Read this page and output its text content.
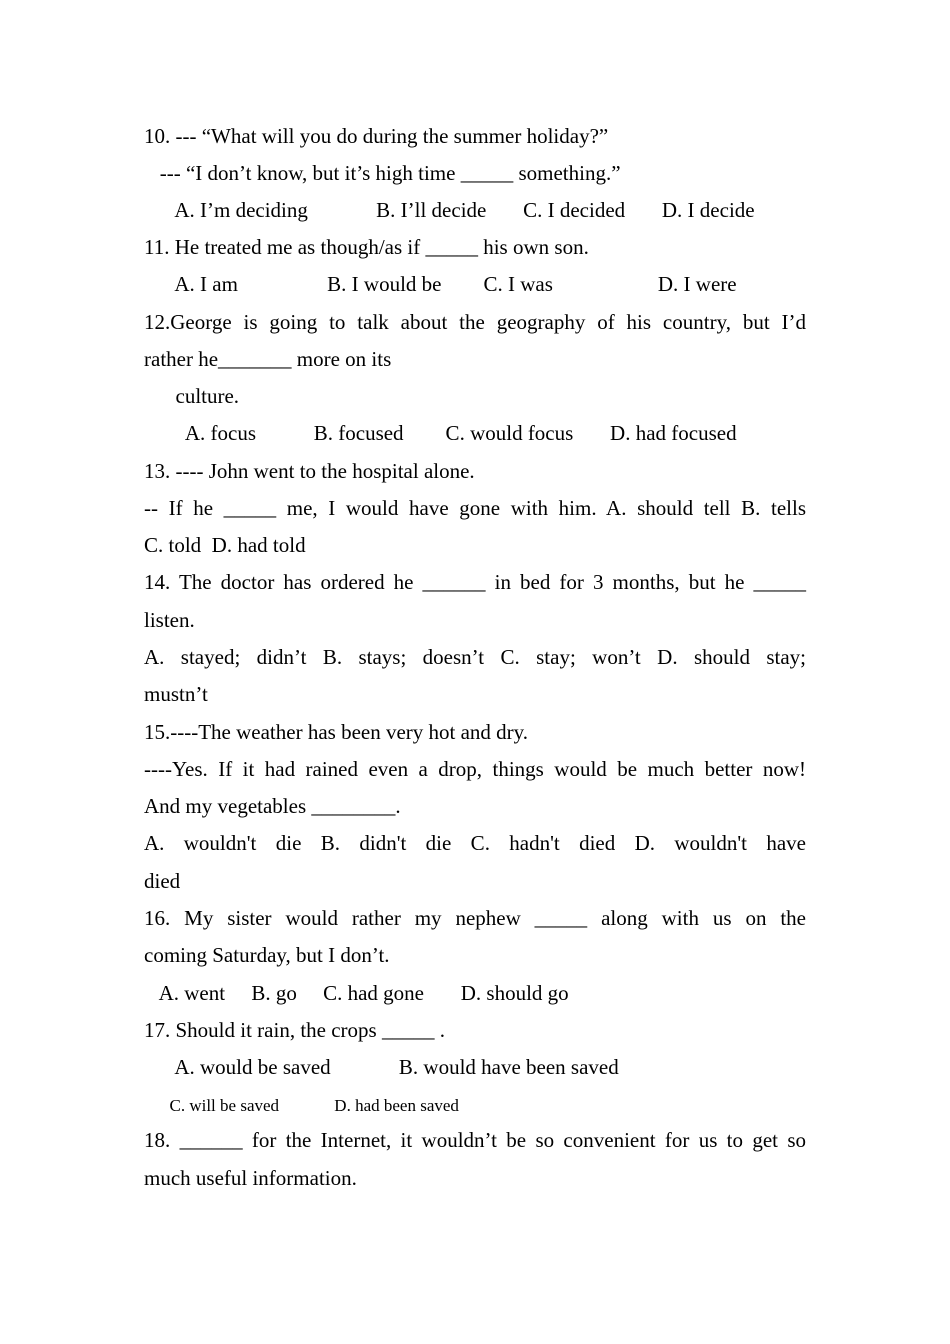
10. --- “What will you do during the summer holiday?”
--- “I don’t know, but it’s high time _____ something.”
A. I’m deciding             B. I’ll decide       C. I decided       D. I decide
11. He treated me as though/as if _____ his own son.
A. I am                 B. I would be        C. I was                    D. I were
12.George is going to talk about the geography of his country, but I’d
rather he_______ more on its
culture.
A. focus           B. focused        C. would focus       D. had focused
13. ---- John went to the hospital alone.
-- If he _____ me, I would have gone with him. A. should tell B. tells
C. told  D. had told
14. The doctor has ordered he ______ in bed for 3 months, but he _____
listen.
A. stayed; didn’t B. stays; doesn’t C. stay; won’t D. should stay;
mustn’t
15.----The weather has been very hot and dry.
----Yes. If it had rained even a drop, things would be much better now!
And my vegetables ________.
A. wouldn't die B. didn't die C. hadn't died D. wouldn't have
died
16. My sister would rather my nephew _____ along with us on the
coming Saturday, but I don’t.
A. went     B. go     C. had gone       D. should go
17. Should it rain, the crops _____ .
A. would be saved             B. would have been saved
C. will be saved             D. had been saved
18. ______ for the Internet, it wouldn’t be so convenient for us to get so
much useful information.
